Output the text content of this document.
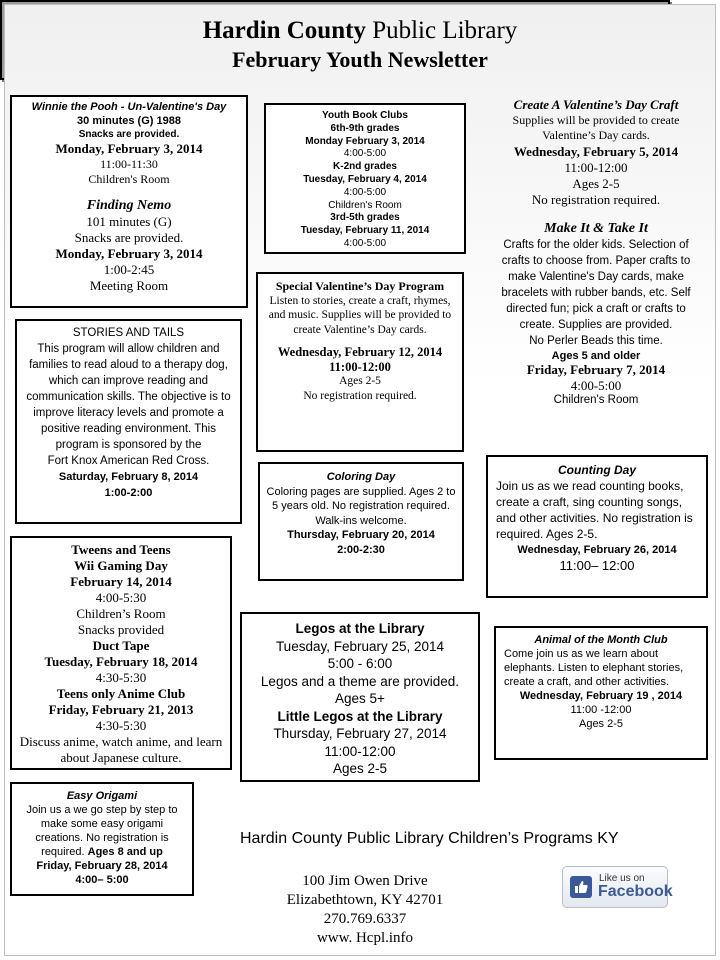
Hardin County Public Library
February Youth Newsletter
Winnie the Pooh - Un-Valentine's Day
30 minutes (G) 1988
Snacks are provided.
Monday, February 3, 2014
11:00-11:30
Children's Room
Finding Nemo
101 minutes (G)
Snacks are provided.
Monday, February 3, 2014
1:00-2:45
Meeting Room
Youth Book Clubs
6th-9th grades
Monday February 3, 2014
4:00-5:00
K-2nd grades
Tuesday, February 4, 2014
4:00-5:00
Children's Room
3rd-5th grades
Tuesday, February 11, 2014
4:00-5:00
Create A Valentine’s Day Craft
Supplies will be provided to create Valentine’s Day cards.
Wednesday, February 5, 2014
11:00-12:00
Ages 2-5
No registration required.
Make It & Take It
Crafts for the older kids. Selection of crafts to choose from. Paper crafts to make Valentine's Day cards, make bracelets with rubber bands, etc. Self directed fun; pick a craft or crafts to create. Supplies are provided.
No Perler Beads this time.
Ages 5 and older
Friday, February 7, 2014
4:00-5:00
Children's Room
Special Valentine’s Day Program
Listen to stories, create a craft, rhymes, and music. Supplies will be provided to create Valentine’s Day cards.
Wednesday, February 12, 2014
11:00-12:00
Ages 2-5
No registration required.
STORIES AND TAILS
This program will allow children and families to read aloud to a therapy dog, which can improve reading and communication skills. The objective is to improve literacy levels and promote a positive reading environment. This program is sponsored by the
Fort Knox American Red Cross.
Saturday, February 8, 2014
1:00-2:00
Coloring Day
Coloring pages are supplied. Ages 2 to 5 years old. No registration required.
Walk-ins welcome.
Thursday, February 20, 2014
2:00-2:30
Counting Day
Join us as we read counting books, create a craft, sing counting songs, and other activities. No registration is required. Ages 2-5.
Wednesday, February 26, 2014
11:00– 12:00
Tweens and Teens
Wii Gaming Day
February 14, 2014
4:00-5:30
Children’s Room
Snacks provided
Duct Tape
Tuesday, February 18, 2014
4:30-5:30
Teens only Anime Club
Friday, February 21, 2013
4:30-5:30
Discuss anime, watch anime, and learn about Japanese culture.
Legos at the Library
Tuesday, February 25, 2014
5:00 - 6:00
Legos and a theme are provided.
Ages 5+
Little Legos at the Library
Thursday, February 27, 2014
11:00-12:00
Ages 2-5
Animal of the Month Club
Come join us as we learn about elephants. Listen to elephant stories, create a craft, and other activities.
Wednesday, February 19 , 2014
11:00 -12:00
Ages 2-5
Easy Origami
Join us a we go step by step to make some easy origami creations. No registration is required. Ages 8 and up
Friday, February 28, 2014
4:00– 5:00
Hardin County Public Library Children’s Programs KY
100 Jim Owen Drive
Elizabethtown, KY 42701
270.769.6337
www. Hcpl.info
Like us on
Facebook
